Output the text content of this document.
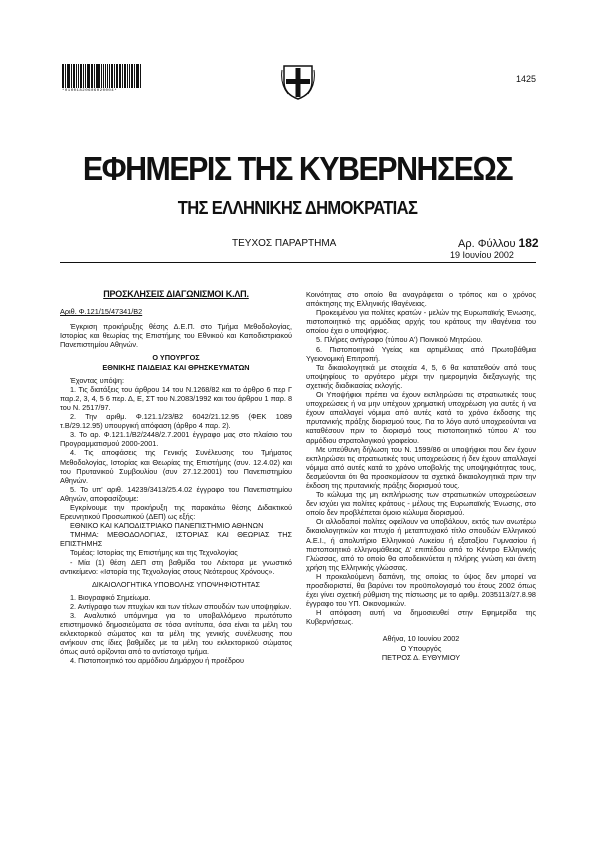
*01001820606020004*
1425
ΕΦΗΜΕΡΙΣ ΤΗΣ ΚΥΒΕΡΝΗΣΕΩΣ
ΤΗΣ ΕΛΛΗΝΙΚΗΣ ΔΗΜΟΚΡΑΤΙΑΣ
ΤΕΥΧΟΣ ΠΑΡΑΡΤΗΜΑ	Αρ. Φύλλου 182
19 Ιουνίου 2002

ΠΡΟΣΚΛΗΣΕΙΣ ΔΙΑΓΩΝΙΣΜΟΙ Κ.ΛΠ.

Αριθ. Φ.121/15/47341/Β2

Έγκριση προκήρυξης θέσης Δ.Ε.Π. στο Τμήμα Μεθοδολογίας, Ιστορίας και θεωρίας της Επιστήμης του Εθνικού και Καποδιστριακού Πανεπιστημίου Αθηνών.

Ο ΥΠΟΥΡΓΟΣ

ΕΘΝΙΚΗΣ ΠΑΙΔΕΙΑΣ ΚΑΙ ΘΡΗΣΚΕΥΜΑΤΩΝ

Έχοντας υπόψη:

1. Τις διατάξεις του άρθρου 14 του Ν.1268/82 και το άρθρο 6 περ Γ παρ.2, 3, 4, 5 6 περ. Δ, Ε, ΣΤ του Ν.2083/1992 και του άρθρου 1 παρ. 8 του Ν. 2517/97.

2. Την αριθμ. Φ.121.1/23/Β2 6042/21.12.95 (ΦΕΚ 1089 τ.Β/29.12.95) υπουργική απόφαση (άρθρο 4 παρ. 2).

3. Το αρ. Φ.121.1/Β2/2448/2.7.2001 έγγραφο μας στο πλαίσιο του Προγραμματισμού 2000-2001.

4. Τις αποφάσεις της Γενικής Συνέλευσης του Τμήματος Μεθοδολογίας, Ιστορίας και Θεωρίας της Επιστήμης (συν. 12.4.02) και του Πρυτανικού Συμβουλίου (συν 27.12.2001) του Πανεπιστημίου Αθηνών.

5. Το υπ' αριθ. 14239/3413/25.4.02 έγγραφο του Πανεπιστημίου Αθηνών, αποφασίζουμε:

Εγκρίνουμε την προκήρυξη της παρακάτω θέσης Διδακτικού Ερευνητικού Προσωπικού (ΔΕΠ) ως εξής:

ΕΘΝΙΚΟ ΚΑΙ ΚΑΠΟΔΙΣΤΡΙΑΚΟ ΠΑΝΕΠΙΣΤΗΜΙΟ ΑΘΗΝΩΝ

ΤΜΗΜΑ: ΜΕΘΟΔΟΛΟΓΙΑΣ, ΙΣΤΟΡΙΑΣ ΚΑΙ ΘΕΩΡΙΑΣ ΤΗΣ ΕΠΙΣΤΗΜΗΣ

Τομέας: Ιστορίας της Επιστήμης και της Τεχνολογίας

- Μία (1) θέση ΔΕΠ στη βαθμίδα του Λέκτορα με γνωστικό αντικείμενο: «Ιστορία της Τεχνολογίας στους Νεότερους Χρόνους».

ΔΙΚΑΙΟΛΟΓΗΤΙΚΑ ΥΠΟΒΟΛΗΣ ΥΠΟΨΗΦΙΟΤΗΤΑΣ

1. Βιογραφικό Σημείωμα.

2. Αντίγραφο των πτυχίων και των τίτλων σπουδών των υποψηφίων.

3. Αναλυτικό υπόμνημα για το υποβαλλόμενο πρωτότυπο επιστημονικό δημοσιεύματα σε τόσα αντίτυπα, όσα είναι τα μέλη του εκλεκτορικού σώματος και τα μέλη της γενικής συνέλευσης που ανήκουν στις ίδιες βαθμίδες με τα μέλη του εκλεκτορικού σώματος όπως αυτό ορίζονται από το αντίστοιχο τμήμα.

4. Πιστοποιητικό του αρμόδιου Δημάρχου ή προέδρου

Κοινότητας στο οποίο θα αναγράφεται ο τρόπος και ο χρόνος απόκτησης της Ελληνικής Ιθαγένειας.

Προκειμένου για πολίτες κρατών - μελών της Ευρωπαϊκής Ένωσης, πιστοποιητικό της αρμόδιας αρχής του κράτους την ιθαγένεια του οποίου έχει ο υποψήφιος.

5. Πλήρες αντίγραφο (τύπου Α') Ποινικού Μητρώου.

6. Πιστοποιητικό Υγείας και αρτιμέλειας από Πρωτοβάθμια Υγειονομική Επιτροπή.

Τα δικαιολογητικά με στοιχεία 4, 5, 6 θα κατατεθούν από τους υποψηφίους το αργότερο μέχρι την ημερομηνία διεξαγωγής της σχετικής διαδικασίας εκλογής.

Οι Υποψήφιοι πρέπει να έχουν εκπληρώσει τις στρατιωτικές τους υποχρεώσεις ή να μην υπέχουν χρηματική υποχρέωση για αυτές ή να έχουν απαλλαγεί νόμιμα από αυτές κατά το χρόνο έκδοσης της πρυτανικής πράξης διορισμού τους. Για το λόγο αυτό υποχρεούνται να καταθέσουν πριν το διορισμό τους πιστοποιητικό τύπου Α' του αρμόδιου στρατολογικού γραφείου.

Με υπεύθυνη δήλωση του Ν. 1599/86 οι υποψήφιοι που δεν έχουν εκπληρώσει τις στρατιωτικές τους υποχρεώσεις ή δεν έχουν απαλλαγεί νόμιμα από αυτές κατά το χρόνο υποβολής της υποψηφιότητας τους, δεσμεύονται ότι θα προσκομίσουν τα σχετικά δικαιολογητικά πριν την έκδοση της πρυτανικής πράξης διορισμού τους.

Το κώλυμα της μη εκπλήρωσης των στρατιωτικών υποχρεώσεων δεν ισχύει για πολίτες κράτους - μέλους της Ευρωπαϊκής Ένωσης, στο οποίο δεν προβλέπεται όμοιο κώλυμα διορισμού.

Οι αλλοδαποί πολίτες οφείλουν να υποβάλουν, εκτός των ανωτέρω δικαιολογητικών και πτυχίο ή μεταπτυχιακό τίτλο σπουδών Ελληνικού Α.Ε.Ι., ή απολυτήριο Ελληνικού Λυκείου ή εξαταξίου Γυμνασίου ή πιστοποιητικό ελληνομάθειας Δ' επιπέδου από το Κέντρο Ελληνικής Γλώσσας, από το οποίο θα αποδεικνύεται η πλήρης γνώση και άνετη χρήση της Ελληνικής γλώσσας.

Η προκαλούμενη δαπάνη, της οποίας το ύψος δεν μπορεί να προσδιοριστεί, θα βαρύνει τον προϋπολογισμό του έτους 2002 όπως έχει γίνει σχετική ρύθμιση της πίστωσης με το αριθμ. 2035113/27.8.98 έγγραφο του ΥΠ. Οικονομικών.

Η απόφαση αυτή να δημοσιευθεί στην Εφημερίδα της Κυβερνήσεως.

Αθήνα, 10 Ιουνίου 2002

Ο Υπουργός

ΠΕΤΡΟΣ Δ. ΕΥΘΥΜΙΟΥ
